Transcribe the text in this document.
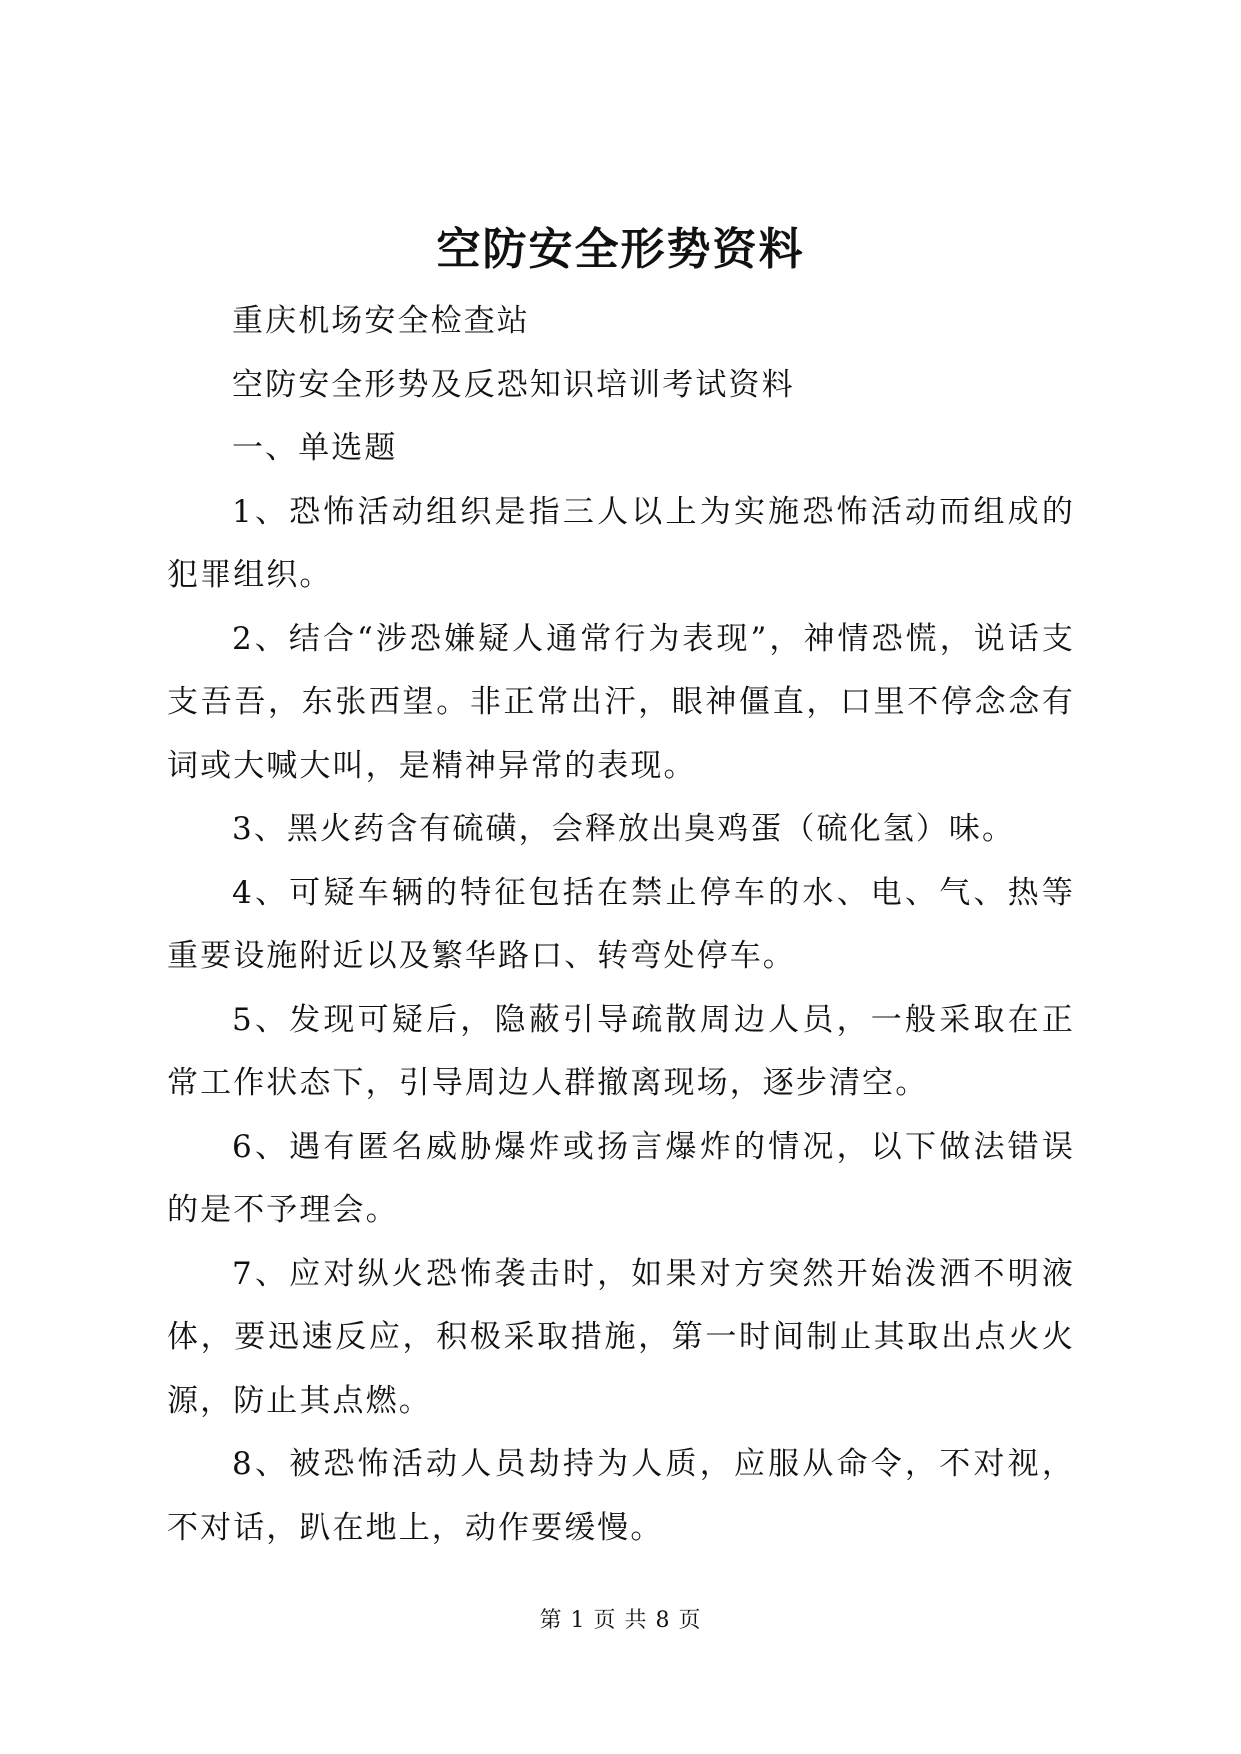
空防安全形势资料

重庆机场安全检查站

空防安全形势及反恐知识培训考试资料

一、单选题

1、恐怖活动组织是指三人以上为实施恐怖活动而组成的犯罪组织。

2、结合“涉恐嫌疑人通常行为表现”，神情恐慌，说话支支吾吾，东张西望。非正常出汗，眼神僵直，口里不停念念有词或大喊大叫，是精神异常的表现。

3、黑火药含有硫磺，会释放出臭鸡蛋（硫化氢）味。

4、可疑车辆的特征包括在禁止停车的水、电、气、热等重要设施附近以及繁华路口、转弯处停车。

5、发现可疑后，隐蔽引导疏散周边人员，一般采取在正常工作状态下，引导周边人群撤离现场，逐步清空。

6、遇有匿名威胁爆炸或扬言爆炸的情况，以下做法错误的是不予理会。

7、应对纵火恐怖袭击时，如果对方突然开始泼洒不明液体，要迅速反应，积极采取措施，第一时间制止其取出点火火源，防止其点燃。

8、被恐怖活动人员劫持为人质，应服从命令，不对视，不对话，趴在地上，动作要缓慢。

第 1 页 共 8 页
